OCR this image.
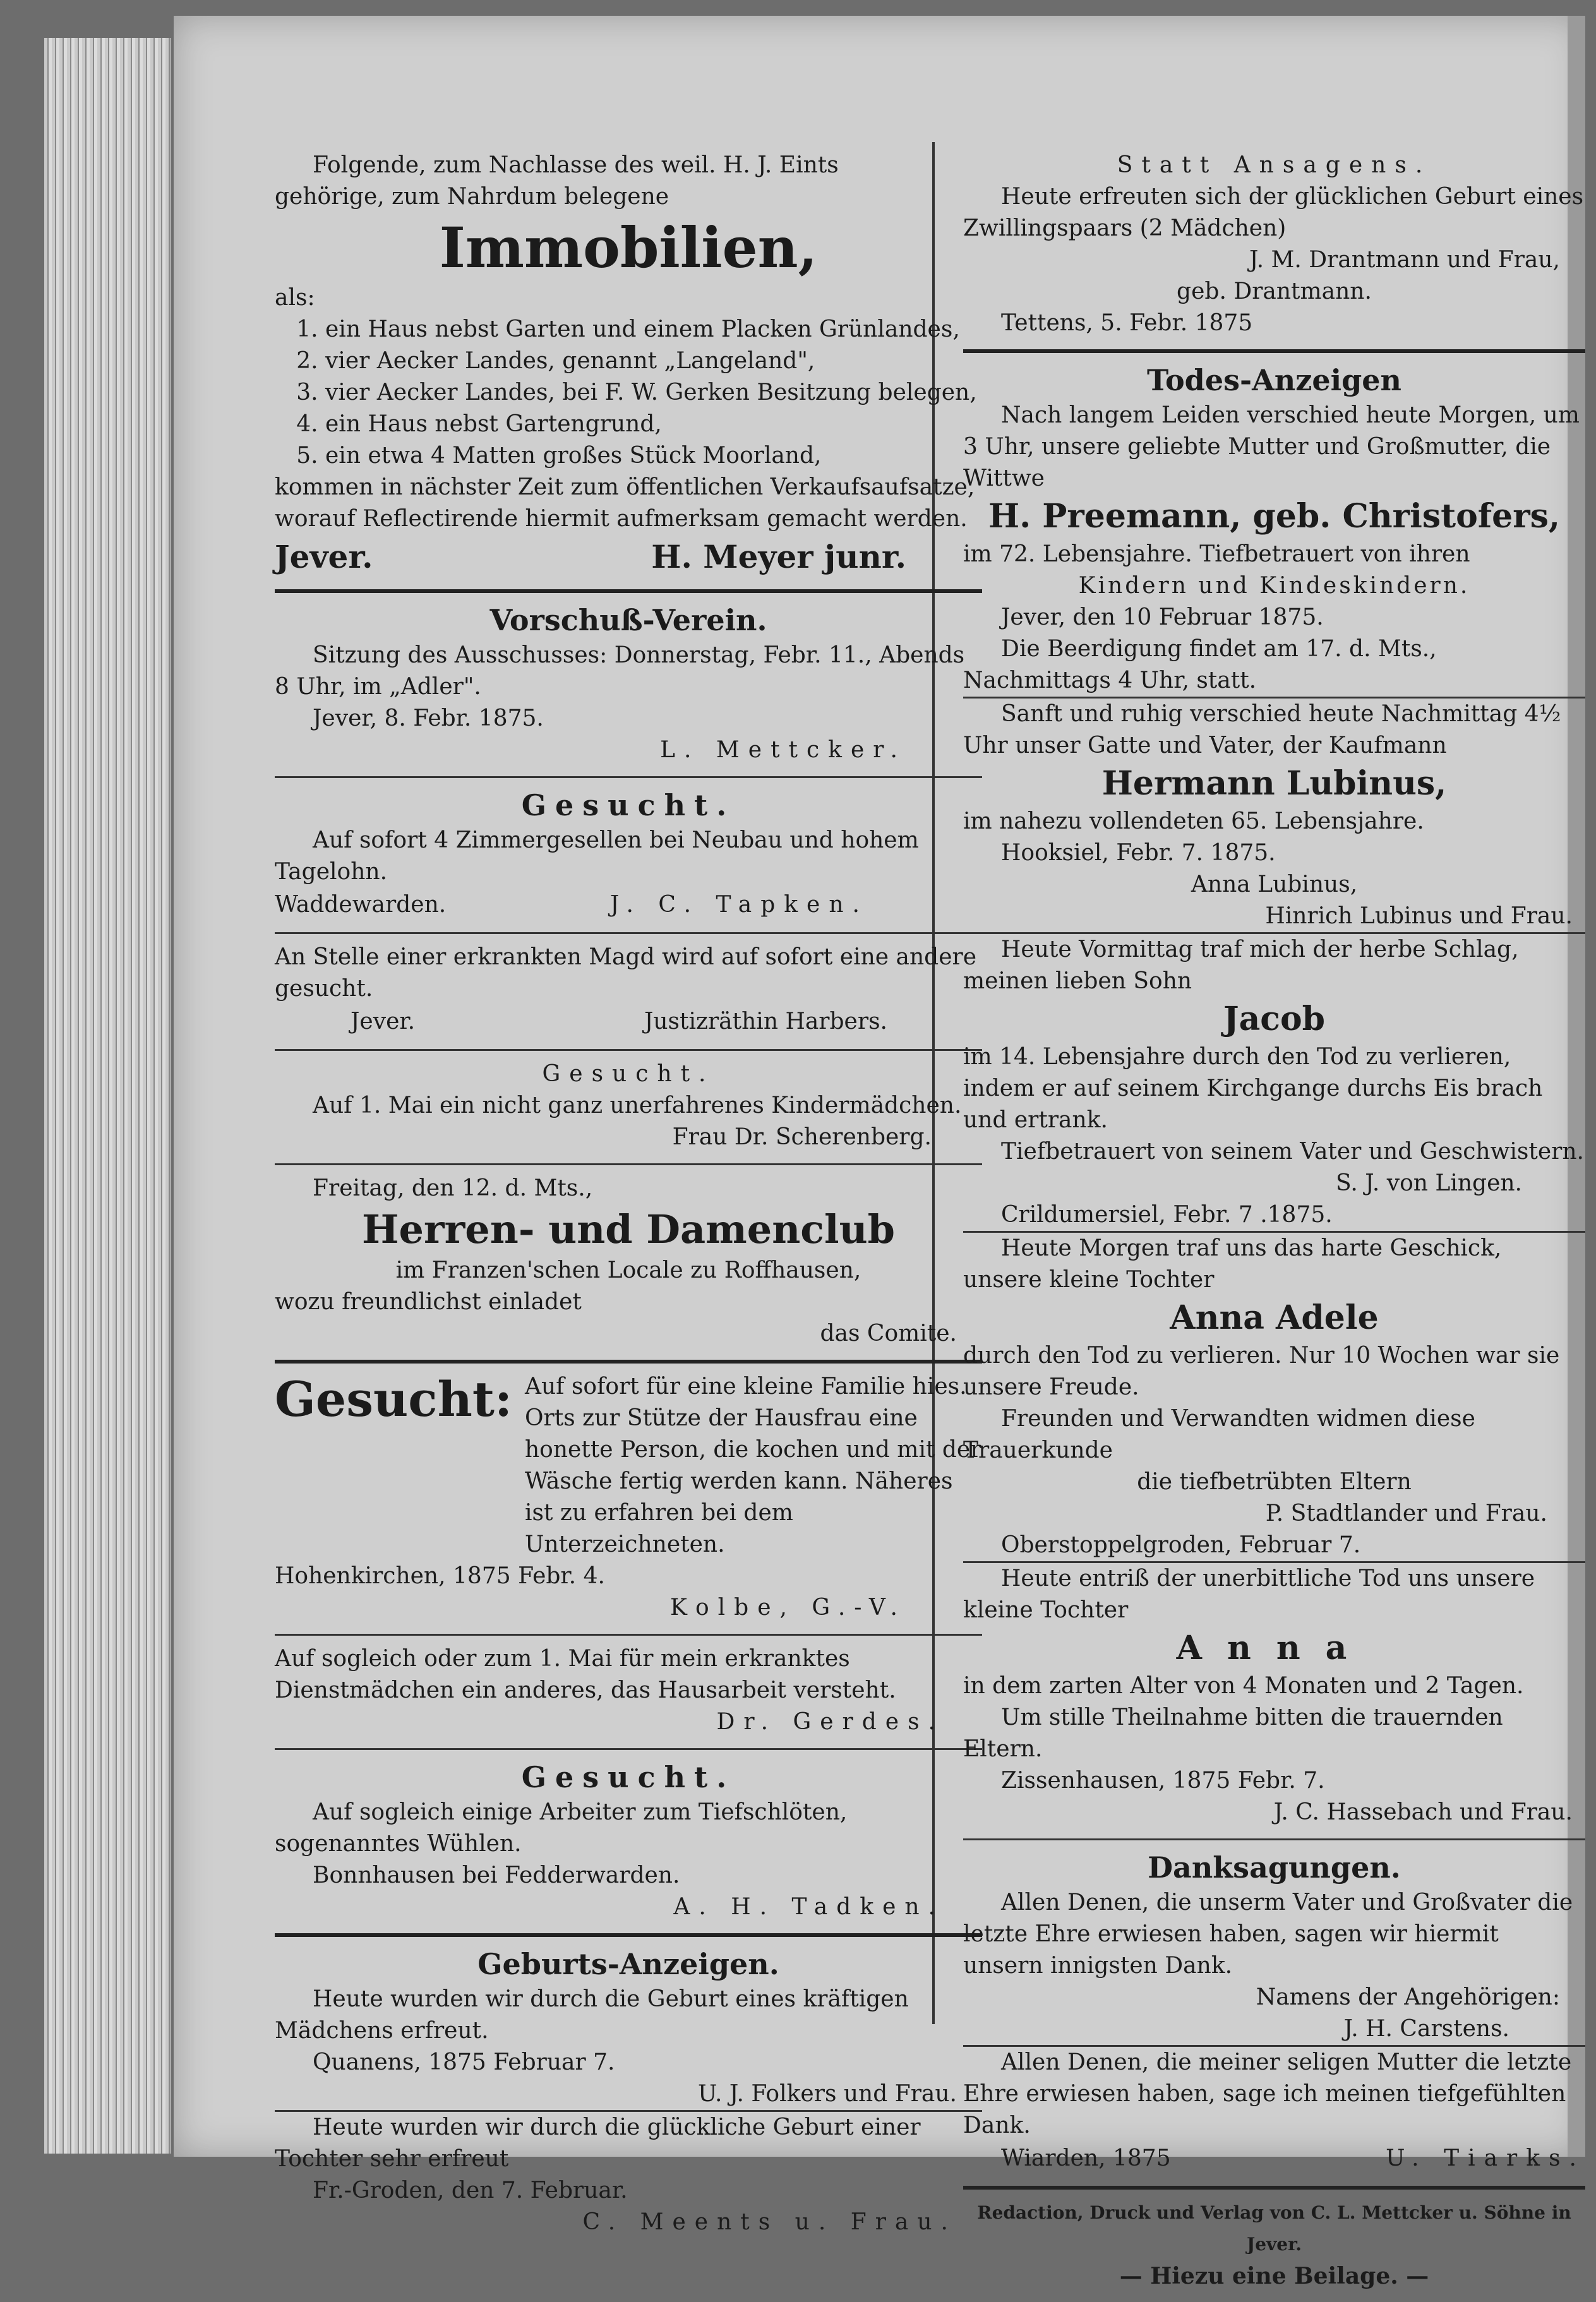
Folgende, zum Nachlasse des weil. H. J. Eints

gehörige, zum Nahrdum belegene

Immobilien,

als:

1. ein Haus nebst Garten und einem Placken Grünlandes,
2. vier Aecker Landes, genannt „Langeland",
3. vier Aecker Landes, bei F. W. Gerken Besitzung belegen,
4. ein Haus nebst Gartengrund,
5. ein etwa 4 Matten großes Stück Moorland,

kommen in nächster Zeit zum öffentlichen Verkaufsaufsatze, worauf Reflectirende hiermit aufmerksam gemacht werden.

Jever.	H. Meyer junr.
Vorschuß-Verein.

Sitzung des Ausschusses: Donnerstag, Febr. 11., Abends 8 Uhr, im „Adler".

Jever, 8. Febr. 1875.

L. Mettcker.

Gesucht.

Auf sofort 4 Zimmergesellen bei Neubau und hohem Tagelohn.

Waddewarden.	J. C. Tapken.

An Stelle einer erkrankten Magd wird auf sofort eine andere gesucht.

Jever.	Justizräthin Harbers.

Gesucht.

Auf 1. Mai ein nicht ganz unerfahrenes Kindermädchen.

Frau Dr. Scherenberg.

Freitag, den 12. d. Mts.,

Herren- und Damenclub

im Franzen'schen Locale zu Roffhausen,

wozu freundlichst einladet

das Comite.

Gesucht: Auf sofort für eine kleine Familie hies. Orts zur Stütze der Hausfrau eine honette Person, die kochen und mit der Wäsche fertig werden kann. Näheres ist zu erfahren bei dem Unterzeichneten.

Hohenkirchen, 1875 Febr. 4.

Kolbe, G.-V.

Auf sogleich oder zum 1. Mai für mein erkranktes Dienstmädchen ein anderes, das Hausarbeit versteht.

Dr. Gerdes.

Gesucht.

Auf sogleich einige Arbeiter zum Tiefschlöten, sogenanntes Wühlen.

Bonnhausen bei Fedderwarden.

A. H. Tadken.

Geburts-Anzeigen.

Heute wurden wir durch die Geburt eines kräftigen Mädchens erfreut.

Quanens, 1875 Februar 7.

U. J. Folkers und Frau.

Heute wurden wir durch die glückliche Geburt einer Tochter sehr erfreut

Fr.-Groden, den 7. Februar.

C. Meents u. Frau.

Statt Ansagens.

Heute erfreuten sich der glücklichen Geburt eines Zwillingspaars (2 Mädchen)

J. M. Drantmann und Frau,

geb. Drantmann.

Tettens, 5. Febr. 1875

Todes-Anzeigen

Nach langem Leiden verschied heute Morgen, um 3 Uhr, unsere geliebte Mutter und Großmutter, die Wittwe

H. Preemann, geb. Christofers,

im 72. Lebensjahre. Tiefbetrauert von ihren

Kindern und Kindeskindern.

Jever, den 10 Februar 1875.

Die Beerdigung findet am 17. d. Mts., Nachmittags 4 Uhr, statt.

Sanft und ruhig verschied heute Nachmittag 4½ Uhr unser Gatte und Vater, der Kaufmann

Hermann Lubinus,

im nahezu vollendeten 65. Lebensjahre.

Hooksiel, Febr. 7. 1875.

Anna Lubinus,

Hinrich Lubinus und Frau.

Heute Vormittag traf mich der herbe Schlag, meinen lieben Sohn

Jacob

im 14. Lebensjahre durch den Tod zu verlieren, indem er auf seinem Kirchgange durchs Eis brach und ertrank.

Tiefbetrauert von seinem Vater und Geschwistern.

S. J. von Lingen.

Crildumersiel, Febr. 7 .1875.

Heute Morgen traf uns das harte Geschick, unsere kleine Tochter

Anna Adele

durch den Tod zu verlieren. Nur 10 Wochen war sie unsere Freude.

Freunden und Verwandten widmen diese Trauerkunde

die tiefbetrübten Eltern

P. Stadtlander und Frau.

Oberstoppelgroden, Februar 7.

Heute entriß der unerbittliche Tod uns unsere kleine Tochter

Anna

in dem zarten Alter von 4 Monaten und 2 Tagen.

Um stille Theilnahme bitten die trauernden Eltern.

Zissenhausen, 1875 Febr. 7.

J. C. Hassebach und Frau.

Danksagungen.

Allen Denen, die unserm Vater und Großvater die letzte Ehre erwiesen haben, sagen wir hiermit unsern innigsten Dank.

Namens der Angehörigen:

J. H. Carstens.

Allen Denen, die meiner seligen Mutter die letzte Ehre erwiesen haben, sage ich meinen tiefgefühlten Dank.

Wiarden, 1875	U. Tiarks.

Redaction, Druck und Verlag von C. L. Mettcker u. Söhne in Jever.

— Hiezu eine Beilage. —
